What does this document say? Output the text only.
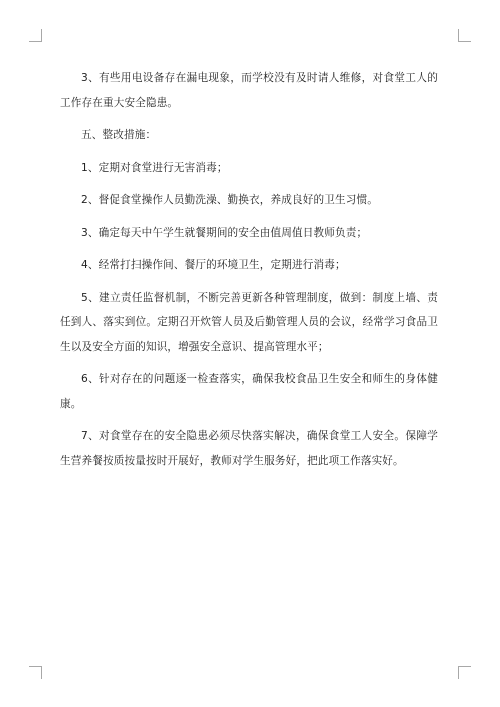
3、有些用电设备存在漏电现象，而学校没有及时请人维修，对食堂工人的工作存在重大安全隐患。

五、整改措施：

1、定期对食堂进行无害消毒；

2、督促食堂操作人员勤洗澡、勤换衣，养成良好的卫生习惯。

3、确定每天中午学生就餐期间的安全由值周值日教师负责；

4、经常打扫操作间、餐厅的环境卫生，定期进行消毒；

5、建立责任监督机制，不断完善更新各种管理制度，做到：制度上墙、责任到人、落实到位。定期召开炊管人员及后勤管理人员的会议，经常学习食品卫生以及安全方面的知识，增强安全意识、提高管理水平；

6、针对存在的问题逐一检查落实，确保我校食品卫生安全和师生的身体健康。

7、对食堂存在的安全隐患必须尽快落实解决，确保食堂工人安全。保障学生营养餐按质按量按时开展好，教师对学生服务好，把此项工作落实好。
